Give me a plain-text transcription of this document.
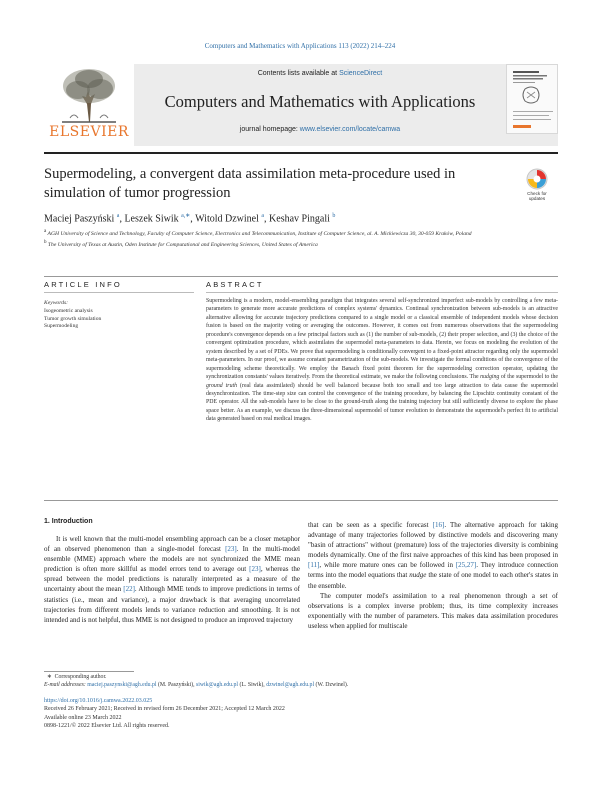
Computers and Mathematics with Applications 113 (2022) 214–224
ELSEVIER
Contents lists available at ScienceDirect
Computers and Mathematics with Applications
journal homepage: www.elsevier.com/locate/camwa
Supermodeling, a convergent data assimilation meta-procedure used in simulation of tumor progression	Check for
updates
Maciej Paszyński $^a$, Leszek Siwik $^{a,∗}$, Witold Dzwinel $^a$, Keshav Pingali $^b$
$^a$ AGH University of Science and Technology, Faculty of Computer Science, Electronics and Telecommunication, Institute of Computer Science, al. A. Mickiewicza 30, 30-059 Kraków, Poland
$^b$ The University of Texas at Austin, Oden Institute for Computational and Engineering Sciences, United States of America
ARTICLE INFO
Keywords:
Isogeometric analysis
Tumor growth simulation
Supermodeling
ABSTRACT
Supermodeling is a modern, model-ensembling paradigm that integrates several self-synchronized imperfect sub-models by controlling a few meta-parameters to generate more accurate predictions of complex systems' dynamics. Continual synchronization between sub-models is an attractive alternative allowing for accurate trajectory predictions compared to a single model or a classical ensemble of independent models whose decision fusion is based on the majority voting or averaging the outcomes. However, it comes out from numerous observations that the supermodeling procedure's convergence depends on a few principal factors such as (1) the number of sub-models, (2) their proper selection, and (3) the choice of the convergent optimization procedure, which assimilates the supermodel meta-parameters to data. Herein, we focus on modeling the evolution of the system described by a set of PDEs. We prove that supermodeling is conditionally convergent to a fixed-point attractor regarding only the supermodel meta-parameters. In our proof, we assume constant parametrization of the sub-models. We investigate the formal conditions of the convergence of the supermodeling scheme theoretically. We employ the Banach fixed point theorem for the supermodeling correction operator, updating the synchronization constants' values iteratively. From the theoretical estimate, we make the following conclusions. The nudging of the supermodel to the ground truth (real data assimilated) should be well balanced because both too small and too large attraction to data cause the supermodel desynchronization. The time-step size can control the convergence of the training procedure, by balancing the Lipschitz continuity constant of the PDE operator. All the sub-models have to be close to the ground-truth along the training trajectory but still sufficiently diverse to explore the phase space better. As an example, we discuss the three-dimensional supermodel of tumor evolution to demonstrate the supermodel's perfect fit to artificial data generated based on real medical images.
1. Introduction

It is well known that the multi-model ensembling approach can be a closer metaphor of an observed phenomenon than a single-model forecast [23]. In the multi-model ensemble (MME) approach where the models are not synchronized the MME mean prediction is often more skillful as model errors tend to average out [23], whereas the spread between the model predictions is naturally interpreted as a measure of the uncertainty about the mean [22]. Although MME tends to improve predictions in terms of statistics (i.e., mean and variance), a major drawback is that averaging uncorrelated trajectories from different models lends to variance reduction and smoothing. It is not intended and is not helpful, thus MME is not designed to produce an improved trajectory

that can be seen as a specific forecast [16]. The alternative approach for taking advantage of many trajectories followed by distinctive models and discovering many "basin of attractions" without (premature) loss of the trajectories diversity is combining models dynamically. One of the first naive approaches of this kind has been proposed in [11], while more mature ones can be followed in [25,27]. They introduce connection terms into the model equations that nudge the state of one model to each other's states in the ensemble.

The computer model's assimilation to a real phenomenon through a set of observations is a complex inverse problem; thus, its time complexity increases exponentially with the number of parameters. This makes data assimilation procedures useless when applied for multiscale

∗  Corresponding author.
E-mail addresses: maciej.paszynski@agh.edu.pl (M. Paszyński), siwik@agh.edu.pl (L. Siwik), dzwinel@agh.edu.pl (W. Dzwinel).
https://doi.org/10.1016/j.camwa.2022.03.025
Received 26 February 2021; Received in revised form 26 December 2021; Accepted 12 March 2022
Available online 23 March 2022
0898-1221/© 2022 Elsevier Ltd. All rights reserved.
